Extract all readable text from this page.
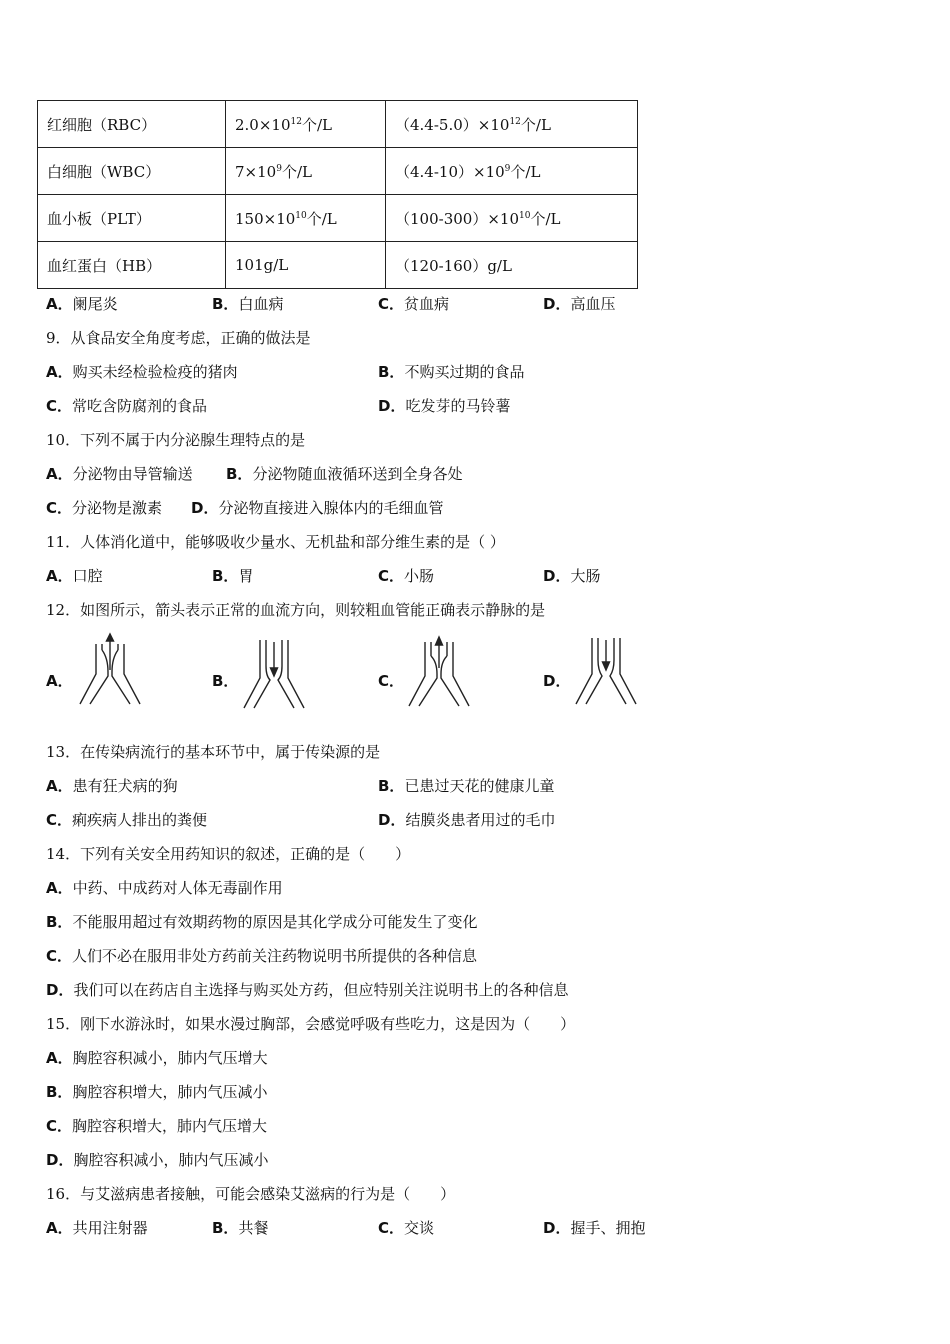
红细胞（RBC）	$2.0\times 10^{12}$个/L	$(4.4-5.0)\times 10^{12}$个/L
白细胞（WBC）	$7\times 10^9$个/L	$(4.4-10)\times 10^9$个/L
血小板（PLT）	$150\times 10^{10}$个/L	$(100-300)\times 10^{10}$个/L
血红蛋白（HB）	101g/L	（120-160）g/L
A．阑尾炎	B．白血病	C．贫血病	D．高血压
9．从食品安全角度考虑，正确的做法是
A．购买未经检验检疫的猪肉	B．不购买过期的食品
C．常吃含防腐剂的食品	D．吃发芽的马铃薯
10．下列不属于内分泌腺生理特点的是
A．分泌物由导管输送 B．分泌物随血液循环送到全身各处
C．分泌物是激素 D．分泌物直接进入腺体内的毛细血管
11．人体消化道中，能够吸收少量水、无机盐和部分维生素的是（ ）
A．口腔	B．胃	C．小肠	D．大肠
12．如图所示，箭头表示正常的血流方向，则较粗血管能正确表示静脉的是
A．	B．	C．	D．
13．在传染病流行的基本环节中，属于传染源的是
A．患有狂犬病的狗	B．已患过天花的健康儿童
C．痢疾病人排出的粪便	D．结膜炎患者用过的毛巾
14．下列有关安全用药知识的叙述，正确的是（　　）
A．中药、中成药对人体无毒副作用
B．不能服用超过有效期药物的原因是其化学成分可能发生了变化
C．人们不必在服用非处方药前关注药物说明书所提供的各种信息
D．我们可以在药店自主选择与购买处方药，但应特别关注说明书上的各种信息
15．刚下水游泳时，如果水漫过胸部，会感觉呼吸有些吃力，这是因为（　　）
A．胸腔容积减小，肺内气压增大
B．胸腔容积增大，肺内气压减小
C．胸腔容积增大，肺内气压增大
D．胸腔容积减小，肺内气压减小
16．与艾滋病患者接触，可能会感染艾滋病的行为是（　　）
A．共用注射器	B．共餐	C．交谈	D．握手、拥抱
